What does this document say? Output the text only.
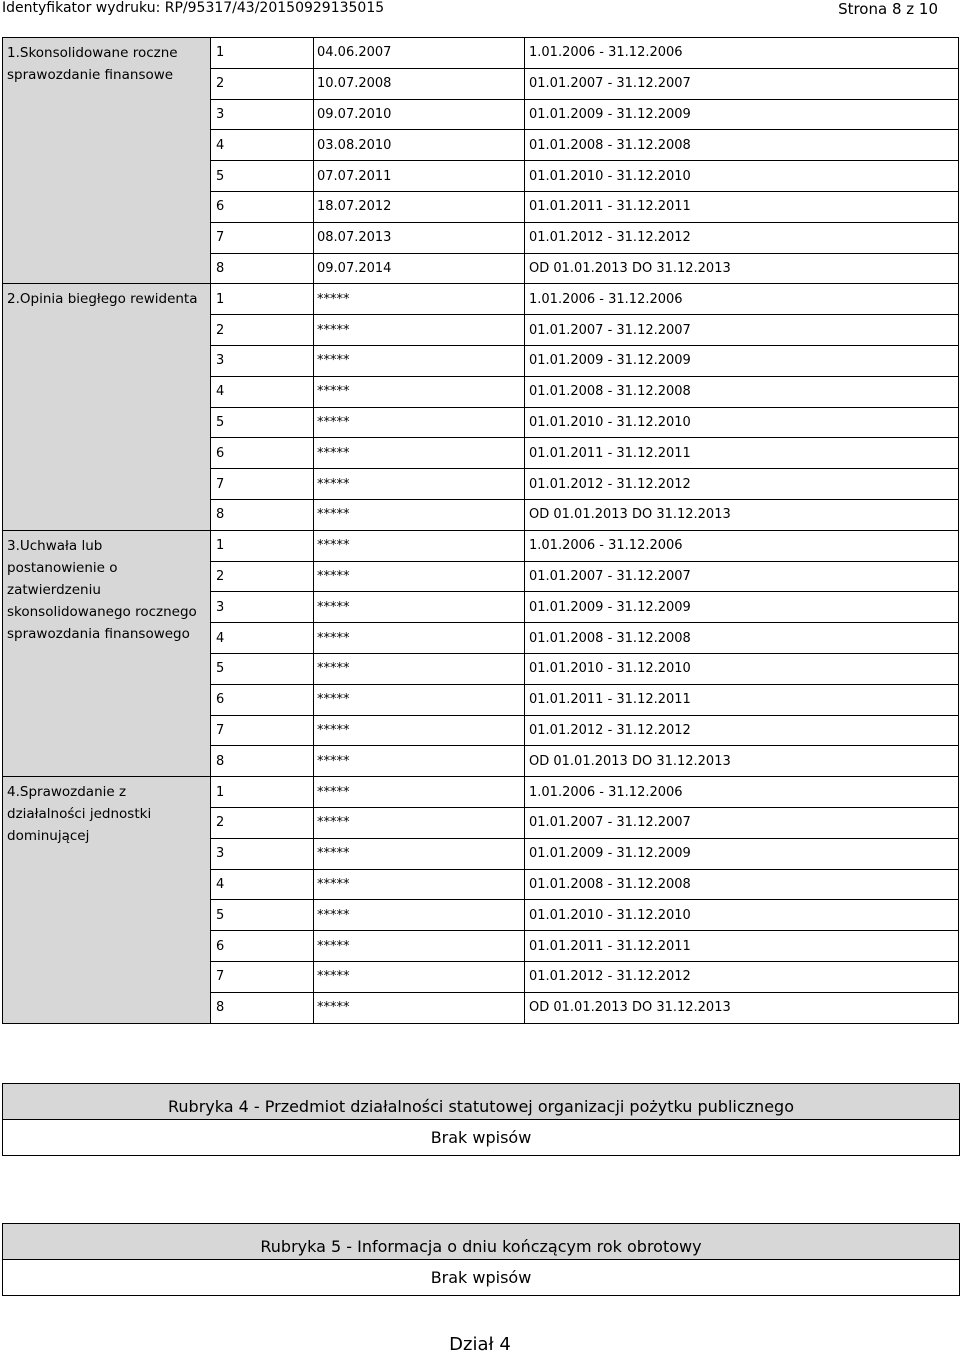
Identyfikator wydruku: RP/95317/43/20150929135015	Strona 8 z 10
1.Skonsolidowane roczne sprawozdanie finansowe	1	04.06.2007	1.01.2006 - 31.12.2006
	2	10.07.2008	01.01.2007 - 31.12.2007
	3	09.07.2010	01.01.2009 - 31.12.2009
	4	03.08.2010	01.01.2008 - 31.12.2008
	5	07.07.2011	01.01.2010 - 31.12.2010
	6	18.07.2012	01.01.2011 - 31.12.2011
	7	08.07.2013	01.01.2012 - 31.12.2012
	8	09.07.2014	OD 01.01.2013 DO 31.12.2013
2.Opinia biegłego rewidenta	1	*****	1.01.2006 - 31.12.2006
	2	*****	01.01.2007 - 31.12.2007
	3	*****	01.01.2009 - 31.12.2009
	4	*****	01.01.2008 - 31.12.2008
	5	*****	01.01.2010 - 31.12.2010
	6	*****	01.01.2011 - 31.12.2011
	7	*****	01.01.2012 - 31.12.2012
	8	*****	OD 01.01.2013 DO 31.12.2013
3.Uchwała lub postanowienie o zatwierdzeniu skonsolidowanego rocznego sprawozdania finansowego	1	*****	1.01.2006 - 31.12.2006
	2	*****	01.01.2007 - 31.12.2007
	3	*****	01.01.2009 - 31.12.2009
	4	*****	01.01.2008 - 31.12.2008
	5	*****	01.01.2010 - 31.12.2010
	6	*****	01.01.2011 - 31.12.2011
	7	*****	01.01.2012 - 31.12.2012
	8	*****	OD 01.01.2013 DO 31.12.2013
4.Sprawozdanie z działalności jednostki dominującej	1	*****	1.01.2006 - 31.12.2006
	2	*****	01.01.2007 - 31.12.2007
	3	*****	01.01.2009 - 31.12.2009
	4	*****	01.01.2008 - 31.12.2008
	5	*****	01.01.2010 - 31.12.2010
	6	*****	01.01.2011 - 31.12.2011
	7	*****	01.01.2012 - 31.12.2012
	8	*****	OD 01.01.2013 DO 31.12.2013
Rubryka 4 - Przedmiot działalności statutowej organizacji pożytku publicznego
Brak wpisów
Rubryka 5 - Informacja o dniu kończącym rok obrotowy
Brak wpisów
Dział 4
